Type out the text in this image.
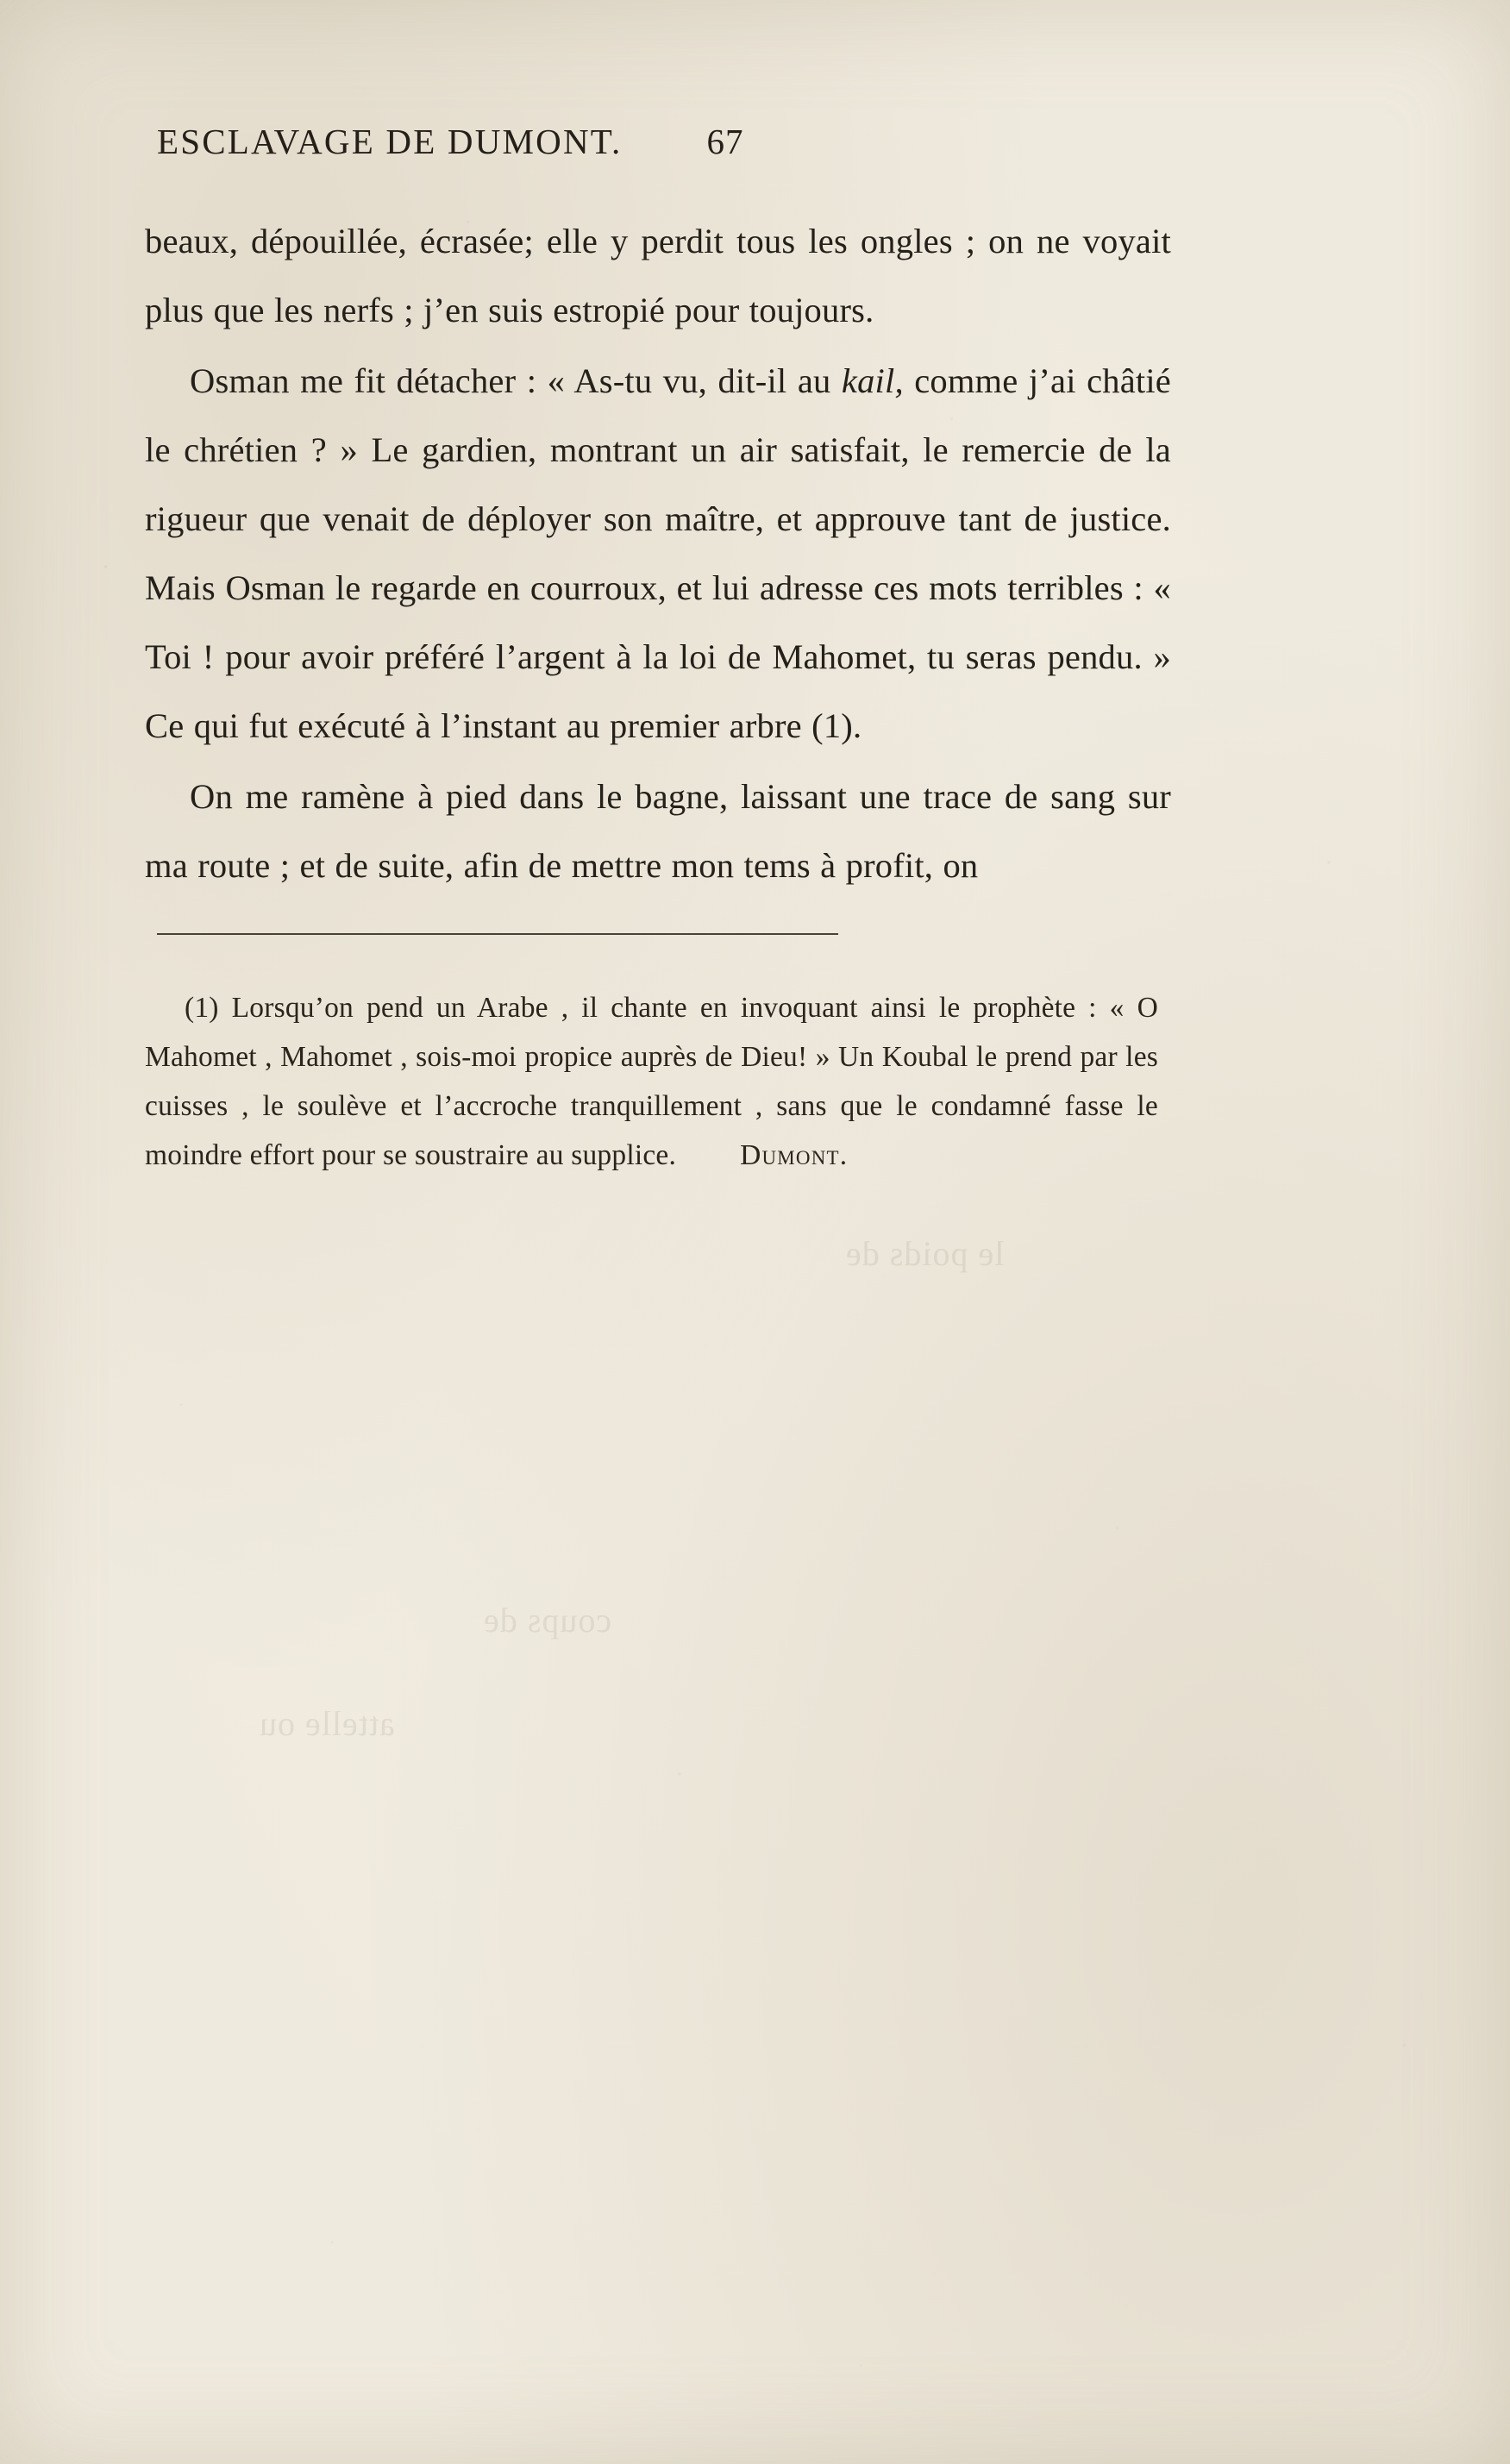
le poids de
coups de
attelle ou
ESCLAVAGE DE DUMONT. 67

beaux, dépouillée, écrasée; elle y perdit tous les ongles ; on ne voyait plus que les nerfs ; j’en suis estropié pour toujours.

Osman me fit détacher : « As-tu vu, dit-il au kail, comme j’ai châtié le chrétien ? » Le gardien, montrant un air satisfait, le remercie de la rigueur que venait de déployer son maître, et approuve tant de justice. Mais Osman le regarde en courroux, et lui adresse ces mots terribles : « Toi ! pour avoir préféré l’argent à la loi de Mahomet, tu seras pendu. » Ce qui fut exécuté à l’instant au premier arbre (1).

On me ramène à pied dans le bagne, laissant une trace de sang sur ma route ; et de suite, afin de mettre mon tems à profit, on

(1) Lorsqu’on pend un Arabe , il chante en invoquant ainsi le prophète : « O Mahomet , Mahomet , sois-moi propice auprès de Dieu! » Un Koubal le prend par les cuisses , le soulève et l’accroche tranquillement , sans que le condamné fasse le moindre effort pour se soustraire au supplice. Dumont.
